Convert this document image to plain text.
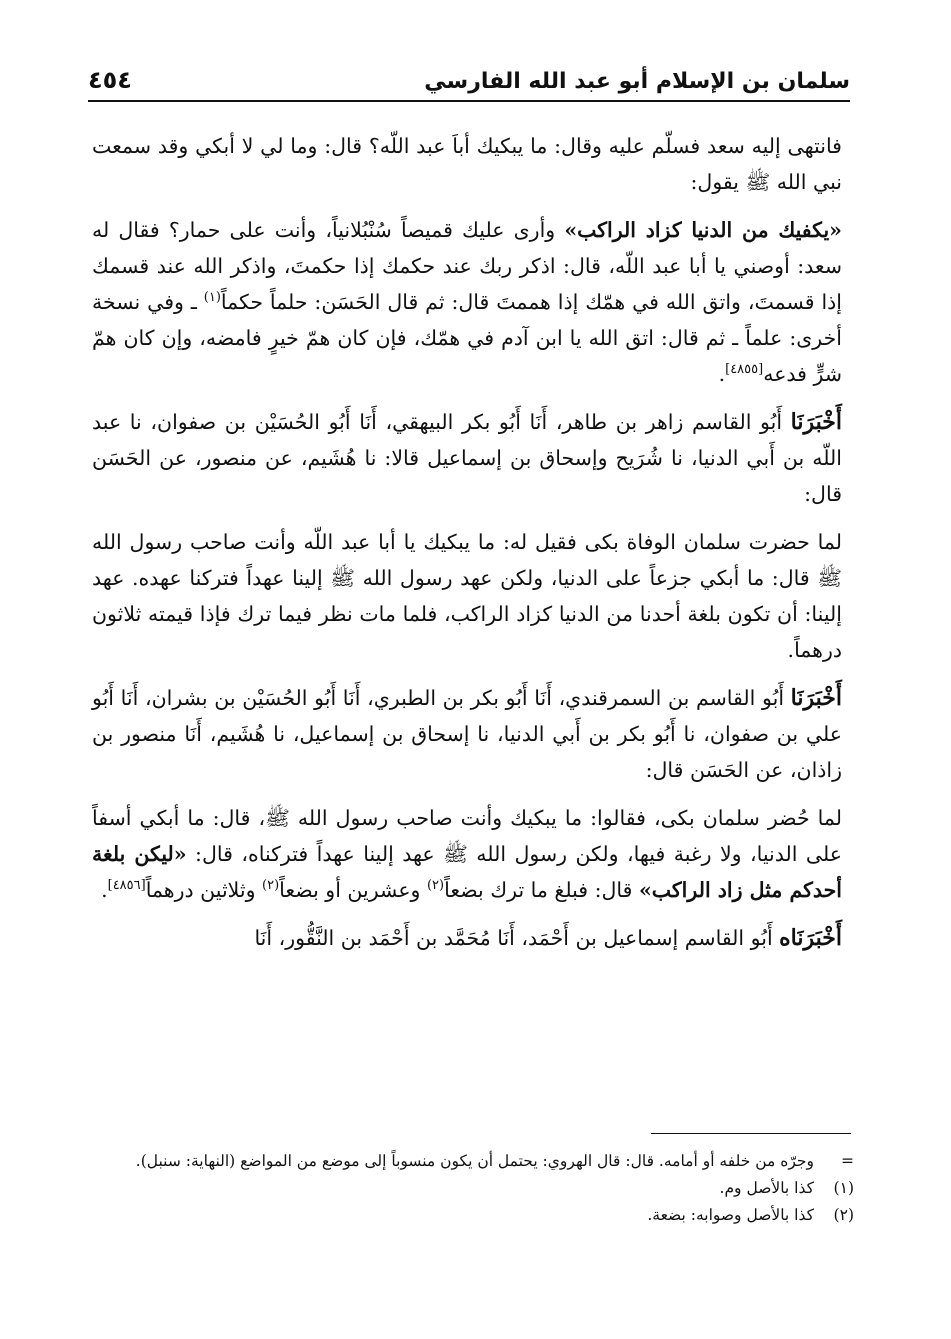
سلمان بن الإسلام أبو عبد الله الفارسي
٤٥٤

فانتهى إليه سعد فسلّم عليه وقال: ما يبكيك أباَ عبد اللّه؟ قال: وما لي لا أبكي وقد سمعت نبي الله ﷺ يقول:

«يكفيك من الدنيا كزاد الراكب» وأرى عليك قميصاً سُنْبُلانياً، وأنت على حمار؟ فقال له سعد: أوصني يا أبا عبد اللّه، قال: اذكر ربك عند حكمك إذا حكمتَ، واذكر الله عند قسمك إذا قسمتَ، واتق الله في همّك إذا هممتَ قال: ثم قال الحَسَن: حلماً حكماً$^{(١)}$ ـ وفي نسخة أخرى: علماً ـ ثم قال: اتق الله يا ابن آدم في همّك، فإن كان همّ خيرٍ فامضه، وإن كان همّ شرٍّ فدعه[٤٨٥٥].

أَخْبَرَنَا أَبُو القاسم زاهر بن طاهر، أَنَا أَبُو بكر البيهقي، أَنَا أَبُو الحُسَيْن بن صفوان، نا عبد اللّه بن أَبي الدنيا، نا شُرَيح وإسحاق بن إسماعيل قالا: نا هُشَيم، عن منصور، عن الحَسَن قال:

لما حضرت سلمان الوفاة بكى فقيل له: ما يبكيك يا أبا عبد اللّه وأنت صاحب رسول الله ﷺ قال: ما أبكي جزعاً على الدنيا، ولكن عهد رسول الله ﷺ إلينا عهداً فتركنا عهده. عهد إلينا: أن تكون بلغة أحدنا من الدنيا كزاد الراكب، فلما مات نظر فيما ترك فإذا قيمته ثلاثون درهماً.

أَخْبَرَنَا أَبُو القاسم بن السمرقندي، أَنَا أَبُو بكر بن الطبري، أَنَا أَبُو الحُسَيْن بن بشران، أَنَا أَبُو علي بن صفوان، نا أَبُو بكر بن أَبي الدنيا، نا إسحاق بن إسماعيل، نا هُشَيم، أَنَا منصور بن زاذان، عن الحَسَن قال:

لما حُضر سلمان بكى، فقالوا: ما يبكيك وأنت صاحب رسول الله ﷺ، قال: ما أبكي أسفاً على الدنيا، ولا رغبة فيها، ولكن رسول الله ﷺ عهد إلينا عهداً فتركناه، قال: «ليكن بلغة أحدكم مثل زاد الراكب» قال: فبلغ ما ترك بضعاً$^{(٢)}$ وعشرين أو بضعاً$^{(٢)}$ وثلاثين درهماً[٤٨٥٦].

أَخْبَرَنَاه أَبُو القاسم إسماعيل بن أَحْمَد، أَنَا مُحَمَّد بن أَحْمَد بن النَّقُّور، أَنَا

=
وجرّه من خلفه أو أمامه. قال: قال الهروي: يحتمل أن يكون منسوباً إلى موضع من المواضع (النهاية: سنبل).
(١)
كذا بالأصل وم.
(٢)
كذا بالأصل وصوابه: بضعة.
